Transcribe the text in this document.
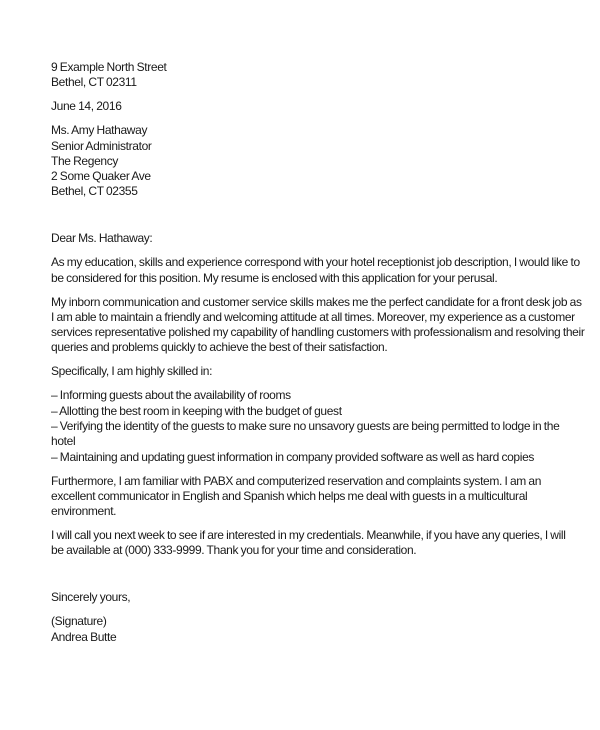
9 Example North Street
Bethel, CT 02311
June 14, 2016
Ms. Amy Hathaway
Senior Administrator
The Regency
2 Some Quaker Ave
Bethel, CT 02355
Dear Ms. Hathaway:
As my education, skills and experience correspond with your hotel receptionist job description, I would like to
be considered for this position. My resume is enclosed with this application for your perusal.
My inborn communication and customer service skills makes me the perfect candidate for a front desk job as
I am able to maintain a friendly and welcoming attitude at all times. Moreover, my experience as a customer
services representative polished my capability of handling customers with professionalism and resolving their
queries and problems quickly to achieve the best of their satisfaction.
Specifically, I am highly skilled in:
– Informing guests about the availability of rooms
– Allotting the best room in keeping with the budget of guest
– Verifying the identity of the guests to make sure no unsavory guests are being permitted to lodge in the
hotel
– Maintaining and updating guest information in company provided software as well as hard copies
Furthermore, I am familiar with PABX and computerized reservation and complaints system. I am an
excellent communicator in English and Spanish which helps me deal with guests in a multicultural
environment.
I will call you next week to see if are interested in my credentials. Meanwhile, if you have any queries, I will
be available at (000) 333-9999. Thank you for your time and consideration.
Sincerely yours,
(Signature)
Andrea Butte
